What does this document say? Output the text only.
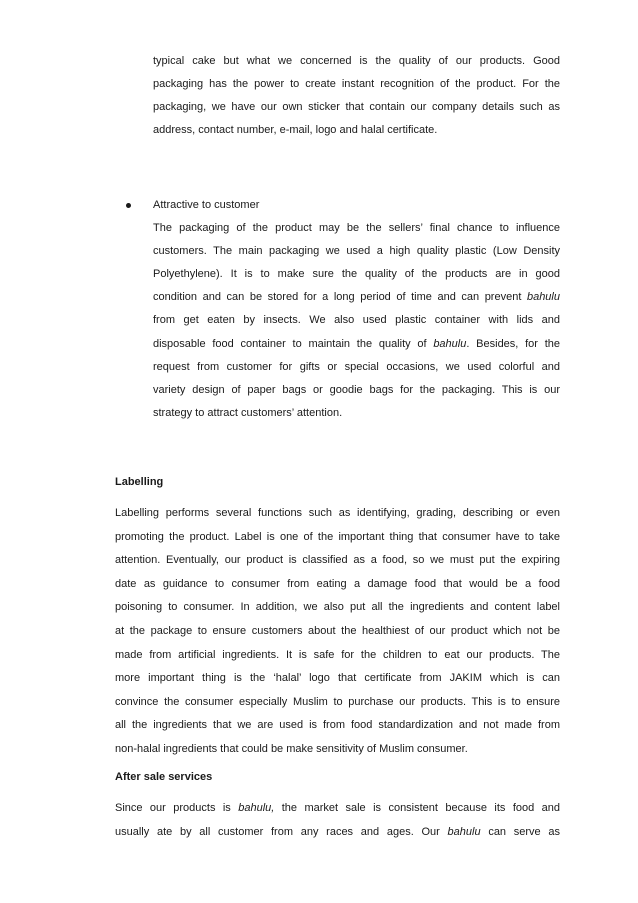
typical cake but what we concerned is the quality of our products. Good
packaging has the power to create instant recognition of the product. For the
packaging, we have our own sticker that contain our company details such as
address, contact number, e-mail, logo and halal certificate.
Attractive to customer
The packaging of the product may be the sellers’ final chance to influence
customers. The main packaging we used a high quality plastic (Low Density
Polyethylene). It is to make sure the quality of the products are in good
condition and can be stored for a long period of time and can prevent bahulu
from get eaten by insects. We also used plastic container with lids and
disposable food container to maintain the quality of bahulu. Besides, for the
request from customer for gifts or special occasions, we used colorful and
variety design of paper bags or goodie bags for the packaging. This is our
strategy to attract customers’ attention.
Labelling
Labelling performs several functions such as identifying, grading, describing or even
promoting the product. Label is one of the important thing that consumer have to take
attention. Eventually, our product is classified as a food, so we must put the expiring
date as guidance to consumer from eating a damage food that would be a food
poisoning to consumer. In addition, we also put all the ingredients and content label
at the package to ensure customers about the healthiest of our product which not be
made from artificial ingredients. It is safe for the children to eat our products. The
more important thing is the ‘halal’ logo that certificate from JAKIM which is can
convince the consumer especially Muslim to purchase our products. This is to ensure
all the ingredients that we are used is from food standardization and not made from
non-halal ingredients that could be make sensitivity of Muslim consumer.
After sale services
Since our products is bahulu, the market sale is consistent because its food and
usually ate by all customer from any races and ages. Our bahulu can serve as
